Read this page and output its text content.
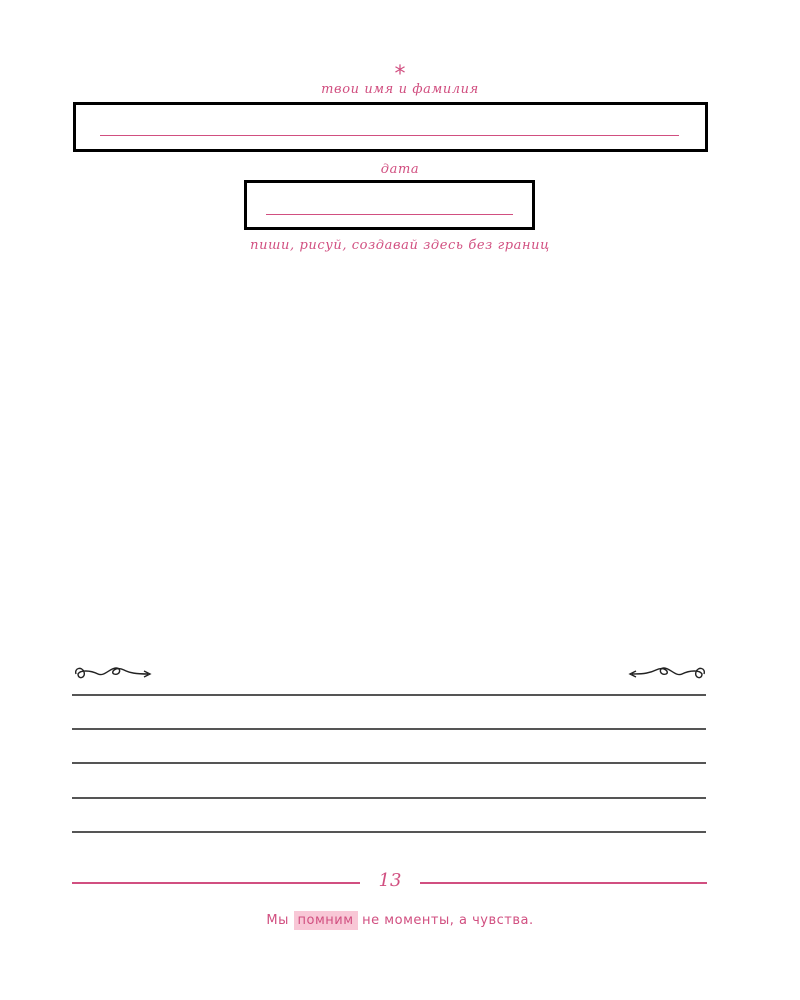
*
твои имя и фамилия
дата
пиши, рисуй, создавай здесь без границ
13
Мы помним не моменты, а чувства.
